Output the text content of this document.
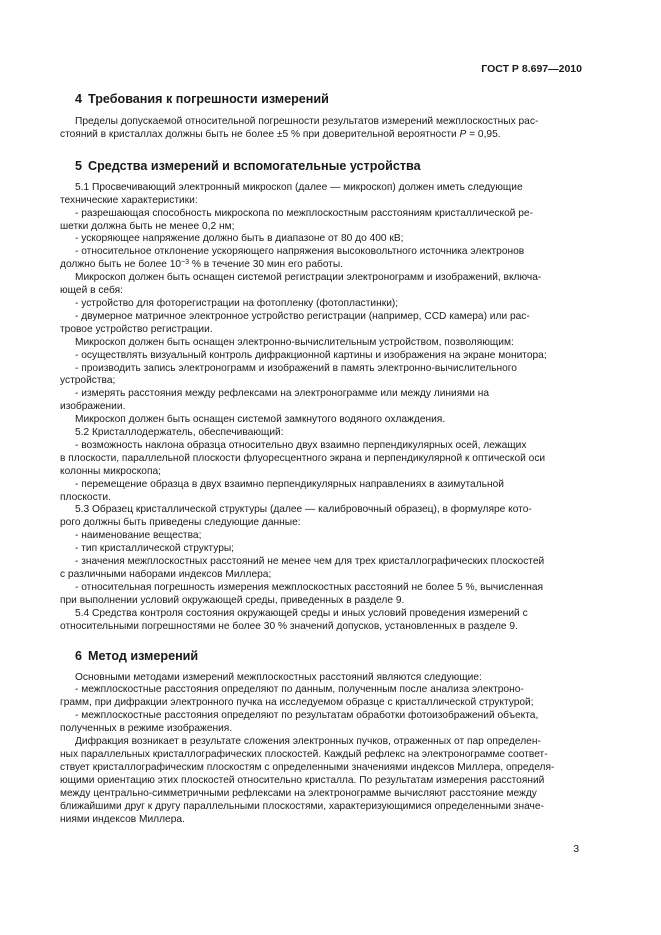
ГОСТ Р 8.697—2010
4 Требования к погрешности измерений

Пределы допускаемой относительной погрешности результатов измерений межплоскостных рас-

стояний в кристаллах должны быть не более ±5 % при доверительной вероятности P = 0,95.

5 Средства измерений и вспомогательные устройства

5.1 Просвечивающий электронный микроскоп (далее — микроскоп) должен иметь следующие

технические характеристики:

- разрешающая способность микроскопа по межплоскостным расстояниям кристаллической ре-

шетки должна быть не менее 0,2 нм;

- ускоряющее напряжение должно быть в диапазоне от 80 до 400 кВ;

- относительное отклонение ускоряющего напряжения высоковольтного источника электронов

должно быть не более $10^{-3}$ % в течение 30 мин его работы.

Микроскоп должен быть оснащен системой регистрации электронограмм и изображений, включа-

ющей в себя:

- устройство для фоторегистрации на фотопленку (фотопластинки);

- двумерное матричное электронное устройство регистрации (например, CCD камера) или рас-

тровое устройство регистрации.

Микроскоп должен быть оснащен электронно-вычислительным устройством, позволяющим:

- осуществлять визуальный контроль дифракционной картины и изображения на экране монитора;

- производить запись электронограмм и изображений в память электронно-вычислительного

устройства;

- измерять расстояния между рефлексами на электронограмме или между линиями на

изображении.

Микроскоп должен быть оснащен системой замкнутого водяного охлаждения.

5.2 Кристаллодержатель, обеспечивающий:

- возможность наклона образца относительно двух взаимно перпендикулярных осей, лежащих

в плоскости, параллельной плоскости флуоресцентного экрана и перпендикулярной к оптической оси

колонны микроскопа;

- перемещение образца в двух взаимно перпендикулярных направлениях в азимутальной

плоскости.

5.3 Образец кристаллической структуры (далее — калибровочный образец), в формуляре кото-

рого должны быть приведены следующие данные:

- наименование вещества;

- тип кристаллической структуры;

- значения межплоскостных расстояний не менее чем для трех кристаллографических плоскостей

с различными наборами индексов Миллера;

- относительная погрешность измерения межплоскостных расстояний не более 5 %, вычисленная

при выполнении условий окружающей среды, приведенных в разделе 9.

5.4 Средства контроля состояния окружающей среды и иных условий проведения измерений с

относительными погрешностями не более 30 % значений допусков, установленных в разделе 9.

6 Метод измерений

Основными методами измерений межплоскостных расстояний являются следующие:

- межплоскостные расстояния определяют по данным, полученным после анализа электроно-

грамм, при дифракции электронного пучка на исследуемом образце с кристаллической структурой;

- межплоскостные расстояния определяют по результатам обработки фотоизображений объекта,

полученных в режиме изображения.

Дифракция возникает в результате сложения электронных пучков, отраженных от пар определен-

ных параллельных кристаллографических плоскостей. Каждый рефлекс на электронограмме соответ-

ствует кристаллографическим плоскостям с определенными значениями индексов Миллера, определя-

ющими ориентацию этих плоскостей относительно кристалла. По результатам измерения расстояний

между центрально-симметричными рефлексами на электронограмме вычисляют расстояние между

ближайшими друг к другу параллельными плоскостями, характеризующимися определенными значе-

ниями индексов Миллера.

3
